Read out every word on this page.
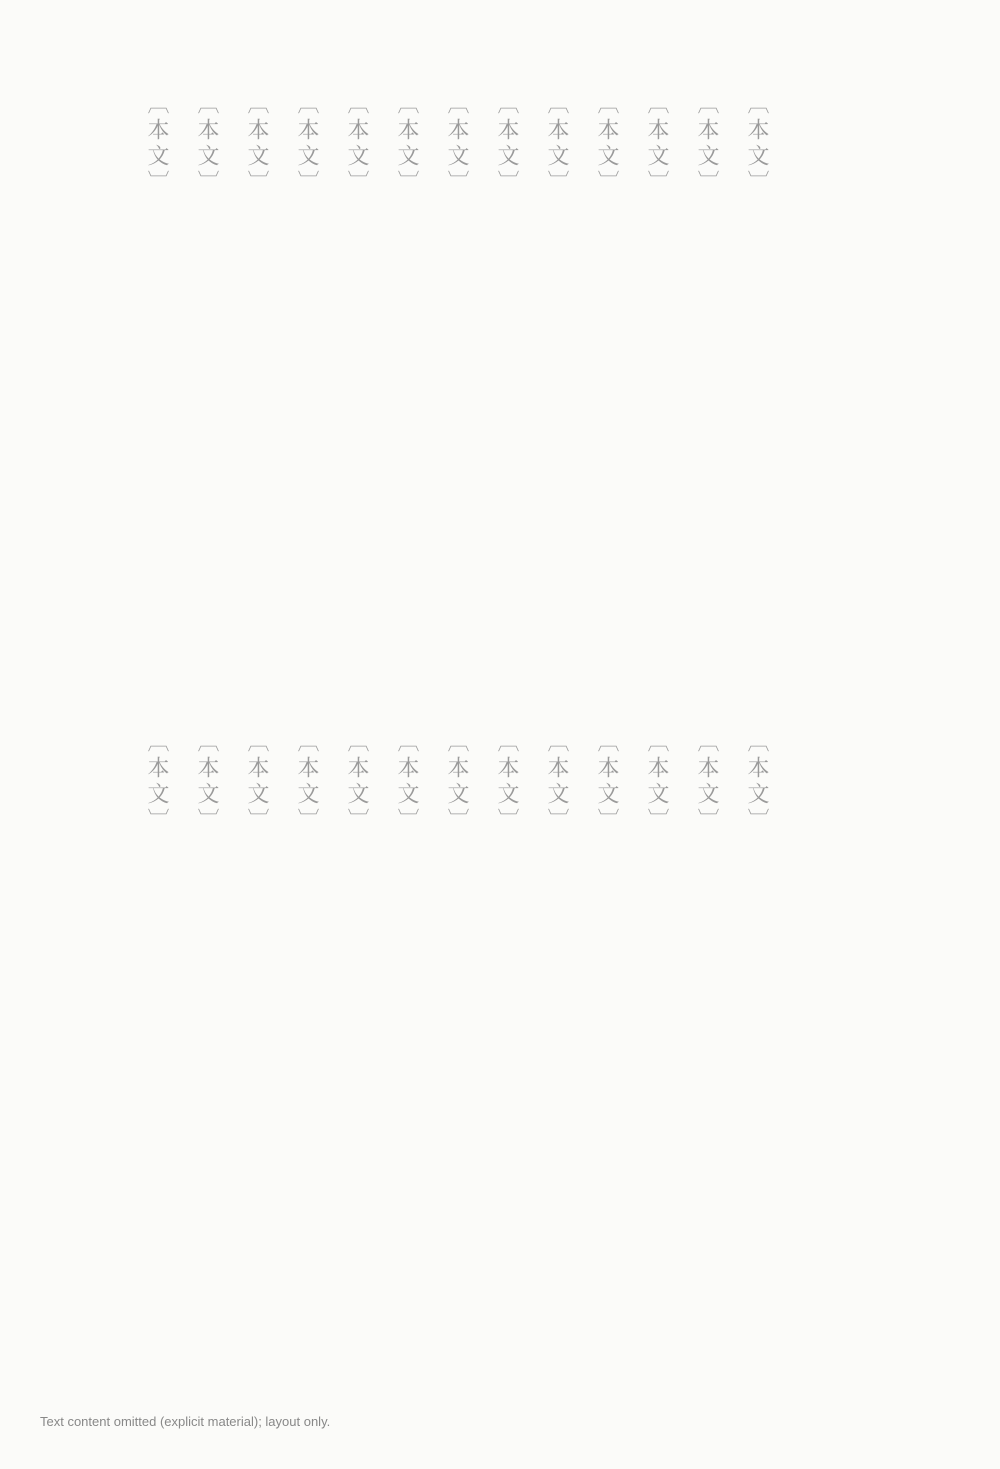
〔本文〕
〔本文〕
〔本文〕
〔本文〕
〔本文〕
〔本文〕
〔本文〕
〔本文〕
〔本文〕
〔本文〕
〔本文〕
〔本文〕
〔本文〕
〔本文〕
〔本文〕
〔本文〕
〔本文〕
〔本文〕
〔本文〕
〔本文〕
〔本文〕
〔本文〕
〔本文〕
〔本文〕
〔本文〕
〔本文〕
Text content omitted (explicit material); layout only.
